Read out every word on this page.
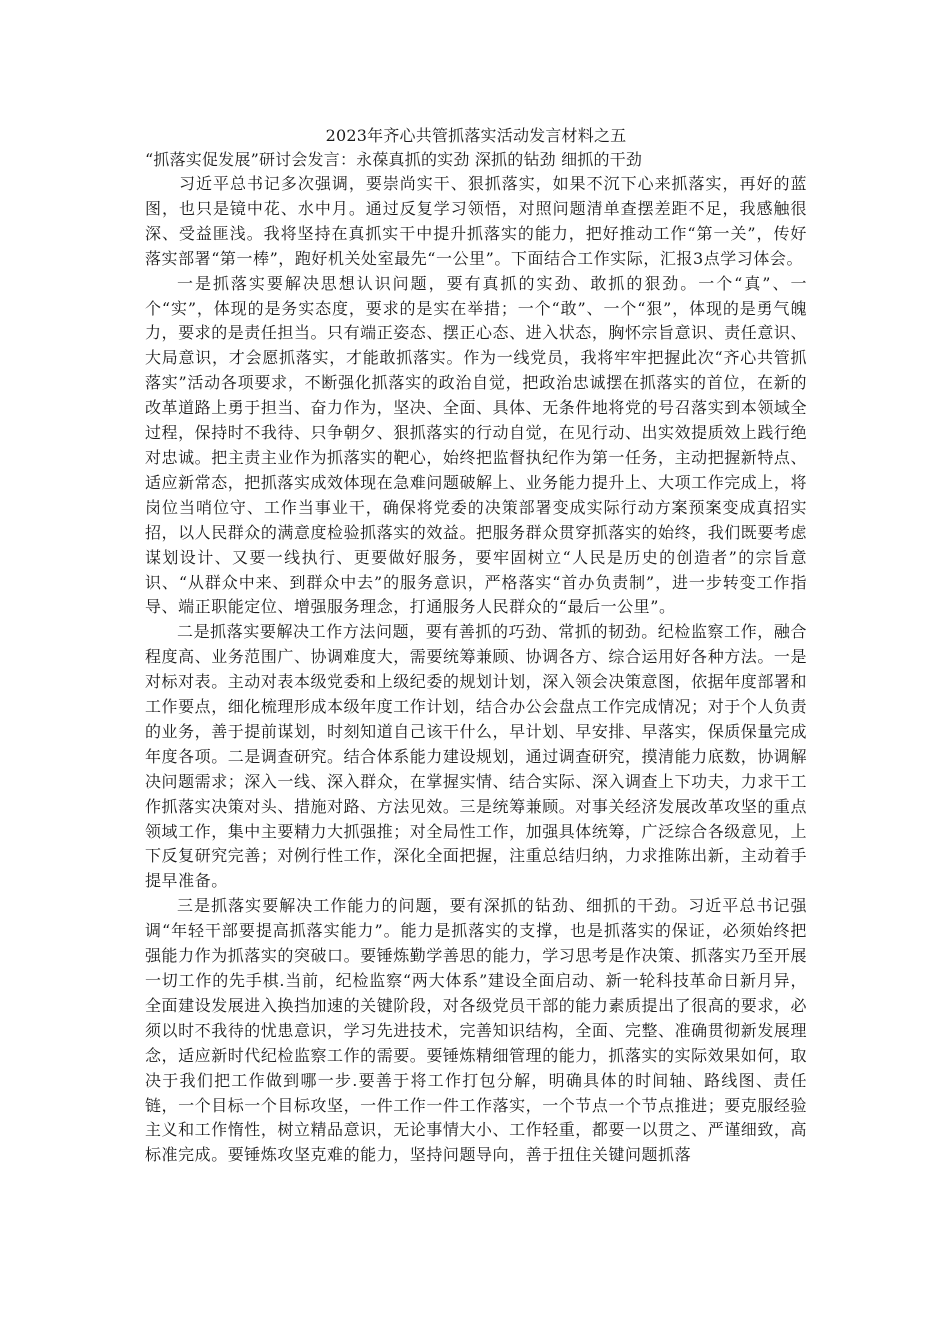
2023年齐心共管抓落实活动发言材料之五

“抓落实促发展”研讨会发言：永葆真抓的实劲 深抓的钻劲 细抓的干劲

习近平总书记多次强调，要崇尚实干、狠抓落实，如果不沉下心来抓落实，再好的蓝图，也只是镜中花、水中月。通过反复学习领悟，对照问题清单查摆差距不足，我感触很深、受益匪浅。我将坚持在真抓实干中提升抓落实的能力，把好推动工作“第一关”，传好落实部署“第一棒”，跑好机关处室最先“一公里”。下面结合工作实际，汇报3点学习体会。

一是抓落实要解决思想认识问题，要有真抓的实劲、敢抓的狠劲。一个“真”、一个“实”，体现的是务实态度，要求的是实在举措；一个“敢”、一个“狠”，体现的是勇气魄力，要求的是责任担当。只有端正姿态、摆正心态、进入状态，胸怀宗旨意识、责任意识、大局意识，才会愿抓落实，才能敢抓落实。作为一线党员，我将牢牢把握此次“齐心共管抓落实”活动各项要求，不断强化抓落实的政治自觉，把政治忠诚摆在抓落实的首位，在新的改革道路上勇于担当、奋力作为，坚决、全面、具体、无条件地将党的号召落实到本领域全过程，保持时不我待、只争朝夕、狠抓落实的行动自觉，在见行动、出实效提质效上践行绝对忠诚。把主责主业作为抓落实的靶心，始终把监督执纪作为第一任务，主动把握新特点、适应新常态，把抓落实成效体现在急难问题破解上、业务能力提升上、大项工作完成上，将岗位当哨位守、工作当事业干，确保将党委的决策部署变成实际行动方案预案变成真招实招，以人民群众的满意度检验抓落实的效益。把服务群众贯穿抓落实的始终，我们既要考虑谋划设计、又要一线执行、更要做好服务，要牢固树立“人民是历史的创造者”的宗旨意识、“从群众中来、到群众中去”的服务意识，严格落实“首办负责制”，进一步转变工作指导、端正职能定位、增强服务理念，打通服务人民群众的“最后一公里”。

二是抓落实要解决工作方法问题，要有善抓的巧劲、常抓的韧劲。纪检监察工作，融合程度高、业务范围广、协调难度大，需要统筹兼顾、协调各方、综合运用好各种方法。一是对标对表。主动对表本级党委和上级纪委的规划计划，深入领会决策意图，依据年度部署和工作要点，细化梳理形成本级年度工作计划，结合办公会盘点工作完成情况；对于个人负责的业务，善于提前谋划，时刻知道自己该干什么，早计划、早安排、早落实，保质保量完成年度各项。二是调查研究。结合体系能力建设规划，通过调查研究，摸清能力底数，协调解决问题需求；深入一线、深入群众，在掌握实情、结合实际、深入调查上下功夫，力求干工作抓落实决策对头、措施对路、方法见效。三是统筹兼顾。对事关经济发展改革攻坚的重点领域工作，集中主要精力大抓强推；对全局性工作，加强具体统筹，广泛综合各级意见，上下反复研究完善；对例行性工作，深化全面把握，注重总结归纳，力求推陈出新，主动着手提早准备。

三是抓落实要解决工作能力的问题，要有深抓的钻劲、细抓的干劲。习近平总书记强调“年轻干部要提高抓落实能力”。能力是抓落实的支撑，也是抓落实的保证，必须始终把强能力作为抓落实的突破口。要锤炼勤学善思的能力，学习思考是作决策、抓落实乃至开展一切工作的先手棋.当前，纪检监察“两大体系”建设全面启动、新一轮科技革命日新月异，全面建设发展进入换挡加速的关键阶段，对各级党员干部的能力素质提出了很高的要求，必须以时不我待的忧患意识，学习先进技术，完善知识结构，全面、完整、准确贯彻新发展理念，适应新时代纪检监察工作的需要。要锤炼精细管理的能力，抓落实的实际效果如何，取决于我们把工作做到哪一步.要善于将工作打包分解，明确具体的时间轴、路线图、责任链，一个目标一个目标攻坚，一件工作一件工作落实，一个节点一个节点推进；要克服经验主义和工作惰性，树立精品意识，无论事情大小、工作轻重，都要一以贯之、严谨细致，高标准完成。要锤炼攻坚克难的能力，坚持问题导向，善于扭住关键问题抓落
